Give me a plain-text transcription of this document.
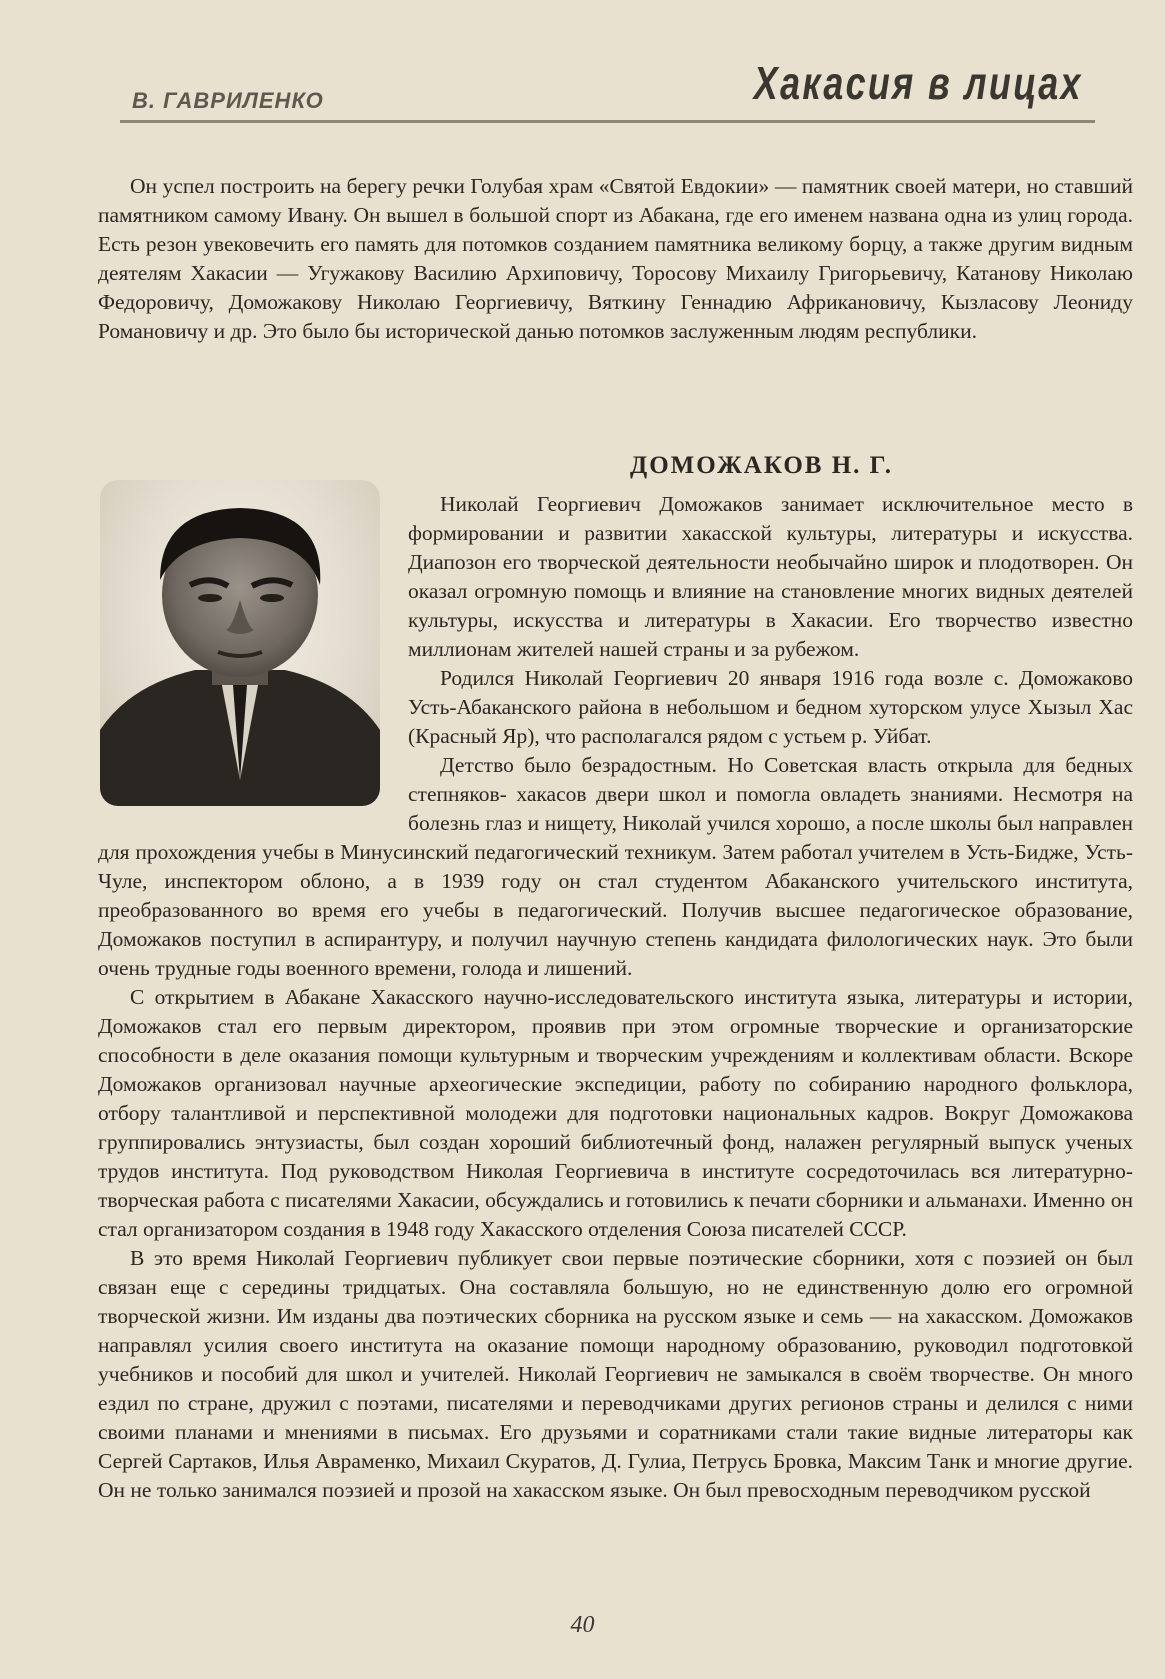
В. ГАВРИЛЕНКО	Хакасия в лицах

Он успел построить на берегу речки Голубая храм «Святой Евдокии» — памятник своей матери, но ставший памятником самому Ивану. Он вышел в большой спорт из Абакана, где его именем названа одна из улиц города. Есть резон увековечить его память для потомков созданием памятника великому борцу, а также другим видным деятелям Хакасии — Угужакову Василию Архиповичу, Торосову Михаилу Григорьевичу, Катанову Николаю Федоровичу, Доможакову Николаю Георгиевичу, Вяткину Геннадию Африкановичу, Кызласову Леониду Романовичу и др. Это было бы исторической данью потомков заслуженным людям республики.

ДОМОЖАКОВ Н. Г.

Николай Георгиевич Доможаков занимает исключительное место в формировании и развитии хакасской культуры, литературы и искусства. Диапозон его творческой деятельности необычайно широк и плодотворен. Он оказал огромную помощь и влияние на становление многих видных деятелей культуры, искусства и литературы в Хакасии. Его творчество известно миллионам жителей нашей страны и за рубежом.

Родился Николай Георгиевич 20 января 1916 года возле с. Доможаково Усть-Абаканского района в небольшом и бедном хуторском улусе Хызыл Хас (Красный Яр), что располагался рядом с устьем р. Уйбат.

Детство было безрадостным. Но Советская власть открыла для бедных степняков- хакасов двери школ и помогла овладеть знаниями. Несмотря на болезнь глаз и нищету, Николай учился хорошо, а после школы был направлен для прохождения учебы в Минусинский педагогический техникум. Затем работал учителем в Усть-Бидже, Усть-Чуле, инспектором облоно, а в 1939 году он стал студентом Абаканского учительского института, преобразованного во время его учебы в педагогический. Получив высшее педагогическое образование, Доможаков поступил в аспирантуру, и получил научную степень кандидата филологических наук. Это были очень трудные годы военного времени, голода и лишений.

С открытием в Абакане Хакасского научно-исследовательского института языка, литературы и истории, Доможаков стал его первым директором, проявив при этом огромные творческие и организаторские способности в деле оказания помощи культурным и творческим учреждениям и коллективам области. Вскоре Доможаков организовал научные археогические экспедиции, работу по собиранию народного фольклора, отбору талантливой и перспективной молодежи для подготовки национальных кадров. Вокруг Доможакова группировались энтузиасты, был создан хороший библиотечный фонд, налажен регулярный выпуск ученых трудов института. Под руководством Николая Георгиевича в институте сосредоточилась вся литературно-творческая работа с писателями Хакасии, обсуждались и готовились к печати сборники и альманахи. Именно он стал организатором создания в 1948 году Хакасского отделения Союза писателей СССР.

В это время Николай Георгиевич публикует свои первые поэтические сборники, хотя с поэзией он был связан еще с середины тридцатых. Она составляла большую, но не единственную долю его огромной творческой жизни. Им изданы два поэтических сборника на русском языке и семь — на хакасском. Доможаков направлял усилия своего института на оказание помощи народному образованию, руководил подготовкой учебников и пособий для школ и учителей. Николай Георгиевич не замыкался в своём творчестве. Он много ездил по стране, дружил с поэтами, писателями и переводчиками других регионов страны и делился с ними своими планами и мнениями в письмах. Его друзьями и соратниками стали такие видные литераторы как Сергей Сартаков, Илья Авраменко, Михаил Скуратов, Д. Гулиа, Петрусь Бровка, Максим Танк и многие другие. Он не только занимался поэзией и прозой на хакасском языке. Он был превосходным переводчиком русской

40
